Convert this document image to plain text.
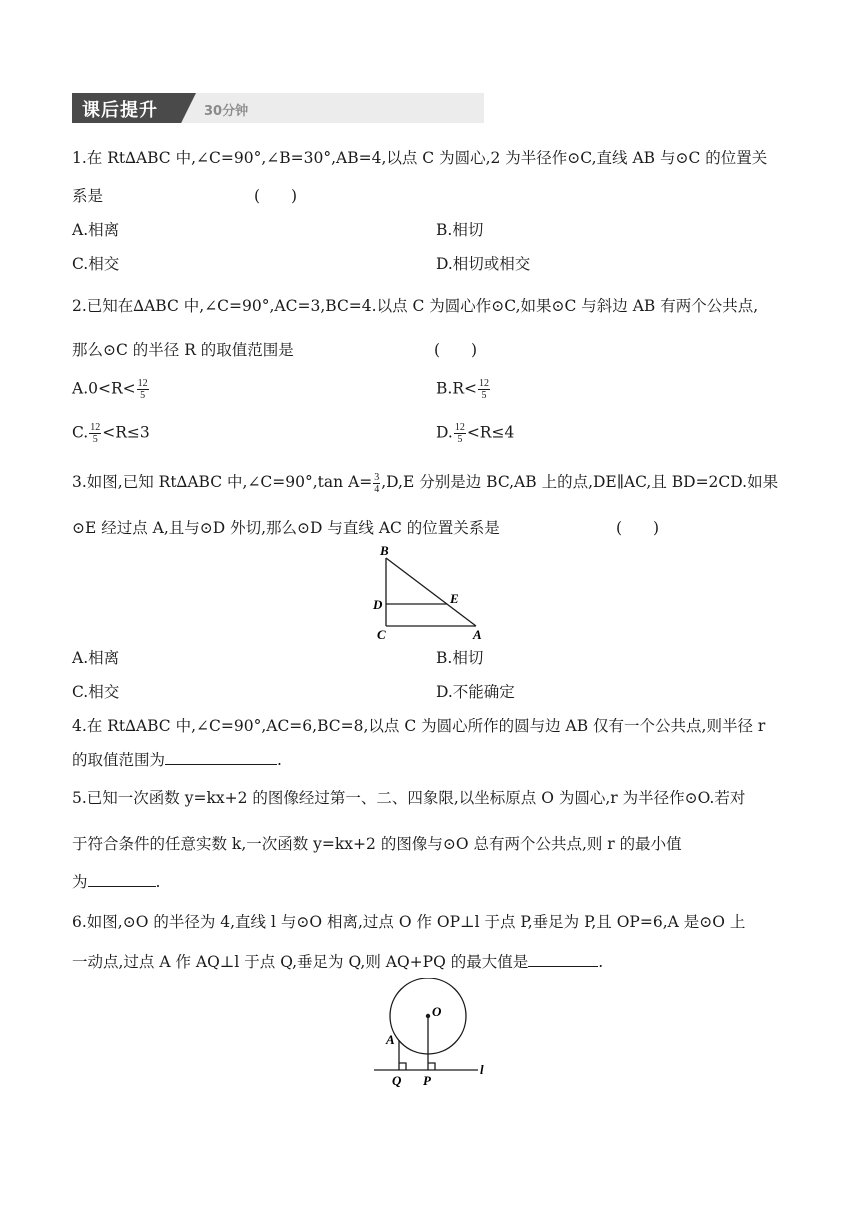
课后提升	30分钟
1.在 Rt∆ABC 中,∠C=90°,∠B=30°,AB=4,以点 C 为圆心,2 为半径作⊙C,直线 AB 与⊙C 的位置关
系是	(　　)
A.相离	B.相切
C.相交	D.相切或相交
2.已知在∆ABC 中,∠C=90°,AC=3,BC=4.以点 C 为圆心作⊙C,如果⊙C 与斜边 AB 有两个公共点,
那么⊙C 的半径 R 的取值范围是	(　　)
$A.0<R< \frac{12}{5}$	$B.R< \frac{12}{5}$
C. $\frac{12}{5} <R\le 3$	D. $\frac{12}{5} <R\le 4$
3.如图,已知 Rt∆ABC 中,∠C=90°,tan $A= \frac{3}{4} ,D,E$ 分别是边 BC,AB 上的点,DE∥AC,且 BD=2CD.如果
⊙E 经过点 A,且与⊙D 外切,那么⊙D 与直线 AC 的位置关系是	(　　)
B
D	E
C	A
A.相离	B.相切
C.相交	D.不能确定
4.在 Rt∆ABC 中,∠C=90°,AC=6,BC=8,以点 C 为圆心所作的圆与边 AB 仅有一个公共点,则半径 r
的取值范围为	.
5.已知一次函数 y=kx+2 的图像经过第一、二、四象限,以坐标原点 O 为圆心,r 为半径作⊙O.若对
于符合条件的任意实数 k,一次函数 y=kx+2 的图像与⊙O 总有两个公共点,则 r 的最小值
为	.
6.如图,⊙O 的半径为 4,直线 l 与⊙O 相离,过点 O 作 OP⊥l 于点 P,垂足为 P,且 OP=6,A 是⊙O 上
一动点,过点 A 作 AQ⊥l 于点 Q,垂足为 Q,则 AQ+PQ 的最大值是	.
O
A
Q P
l
